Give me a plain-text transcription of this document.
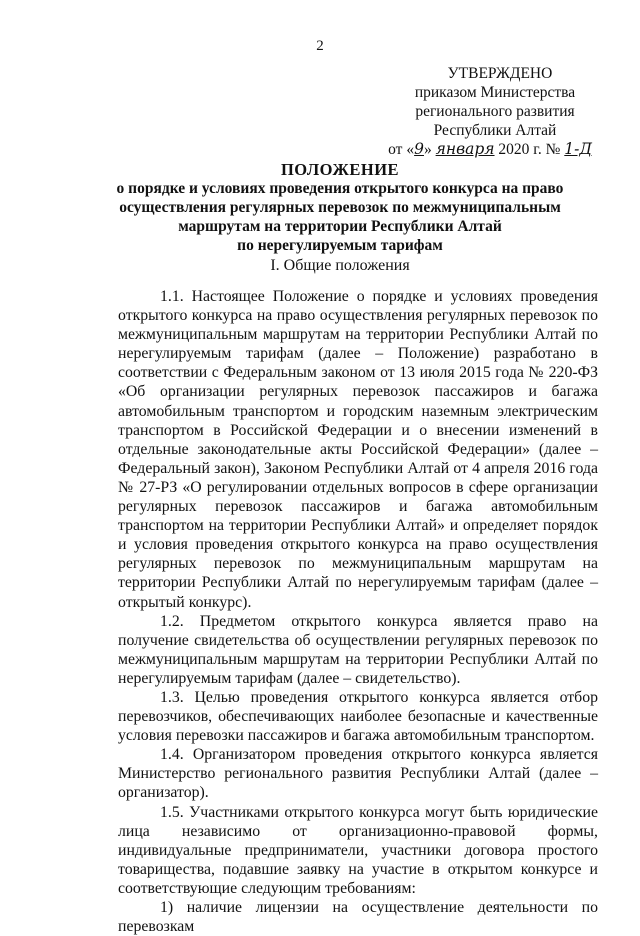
2
УТВЕРЖДЕНО
приказом Министерства
регионального развития
Республики Алтай
от «9» января 2020 г. № 1-Д
ПОЛОЖЕНИЕ
о порядке и условиях проведения открытого конкурса на право
осуществления регулярных перевозок по межмуниципальным
маршрутам на территории Республики Алтай
по нерегулируемым тарифам
I. Общие положения

1.1. Настоящее Положение о порядке и условиях проведения открытого конкурса на право осуществления регулярных перевозок по межмуниципальным маршрутам на территории Республики Алтай по нерегулируемым тарифам (далее – Положение) разработано в соответствии с Федеральным законом от 13 июля 2015 года № 220-ФЗ «Об организации регулярных перевозок пассажиров и багажа автомобильным транспортом и городским наземным электрическим транспортом в Российской Федерации и о внесении изменений в отдельные законодательные акты Российской Федерации» (далее – Федеральный закон), Законом Республики Алтай от 4 апреля 2016 года № 27-РЗ «О регулировании отдельных вопросов в сфере организации регулярных перевозок пассажиров и багажа автомобильным транспортом на территории Республики Алтай» и определяет порядок и условия проведения открытого конкурса на право осуществления регулярных перевозок по межмуниципальным маршрутам на территории Республики Алтай по нерегулируемым тарифам (далее – открытый конкурс).

1.2. Предметом открытого конкурса является право на получение свидетельства об осуществлении регулярных перевозок по межмуниципальным маршрутам на территории Республики Алтай по нерегулируемым тарифам (далее – свидетельство).

1.3. Целью проведения открытого конкурса является отбор перевозчиков, обеспечивающих наиболее безопасные и качественные условия перевозки пассажиров и багажа автомобильным транспортом.

1.4. Организатором проведения открытого конкурса является Министерство регионального развития Республики Алтай (далее – организатор).

1.5. Участниками открытого конкурса могут быть юридические лица независимо от организационно-правовой формы, индивидуальные предприниматели, участники договора простого товарищества, подавшие заявку на участие в открытом конкурсе и соответствующие следующим требованиям:

1) наличие лицензии на осуществление деятельности по перевозкам
